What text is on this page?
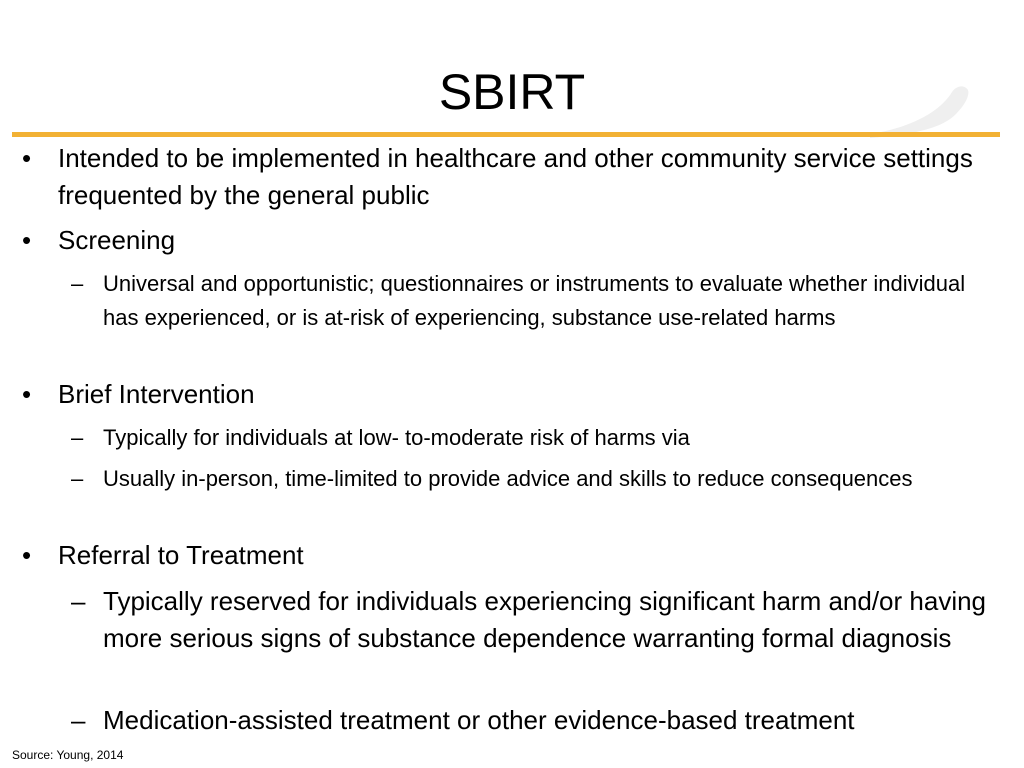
SBIRT
• Intended to be implemented in healthcare and other community service settings frequented by the general public
• Screening
– Universal and opportunistic; questionnaires or instruments to evaluate whether individual has experienced, or is at-risk of experiencing, substance use-related harms
• Brief Intervention
– Typically for individuals at low- to-moderate risk of harms via
– Usually in-person, time-limited to provide advice and skills to reduce consequences
• Referral to Treatment
– Typically reserved for individuals experiencing significant harm and/or having more serious signs of substance dependence warranting formal diagnosis
– Medication-assisted treatment or other evidence-based treatment
Source: Young, 2014
